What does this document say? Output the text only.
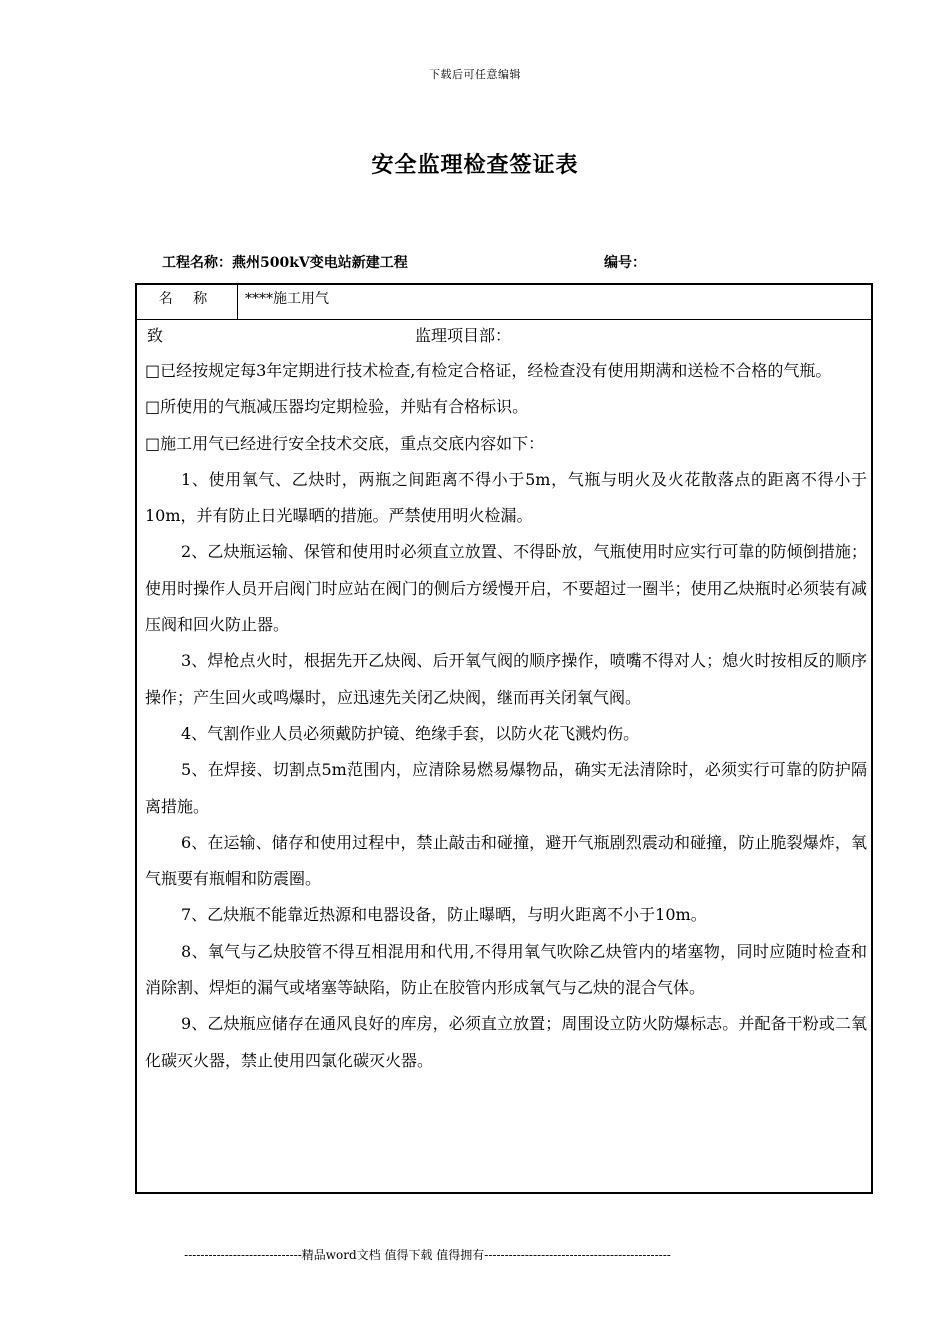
下载后可任意编辑
安全监理检查签证表
工程名称：燕州500kV变电站新建工程	编号：
名 称	****施工用气
致	监理项目部：

□已经按规定每3年定期进行技术检查,有检定合格证，经检查没有使用期满和送检不合格的气瓶。

□所使用的气瓶减压器均定期检验，并贴有合格标识。

□施工用气已经进行安全技术交底，重点交底内容如下：

1、使用氧气、乙炔时，两瓶之间距离不得小于5m，气瓶与明火及火花散落点的距离不得小于10m，并有防止日光曝晒的措施。严禁使用明火检漏。

2、乙炔瓶运输、保管和使用时必须直立放置、不得卧放，气瓶使用时应实行可靠的防倾倒措施；使用时操作人员开启阀门时应站在阀门的侧后方缓慢开启，不要超过一圈半；使用乙炔瓶时必须装有减压阀和回火防止器。

3、焊枪点火时，根据先开乙炔阀、后开氧气阀的顺序操作，喷嘴不得对人；熄火时按相反的顺序操作；产生回火或鸣爆时，应迅速先关闭乙炔阀，继而再关闭氧气阀。

4、气割作业人员必须戴防护镜、绝缘手套，以防火花飞溅灼伤。

5、在焊接、切割点5m范围内，应清除易燃易爆物品，确实无法清除时，必须实行可靠的防护隔离措施。

6、在运输、储存和使用过程中，禁止敲击和碰撞，避开气瓶剧烈震动和碰撞，防止脆裂爆炸，氧气瓶要有瓶帽和防震圈。

7、乙炔瓶不能靠近热源和电器设备，防止曝晒，与明火距离不小于10m。

8、氧气与乙炔胶管不得互相混用和代用,不得用氧气吹除乙炔管内的堵塞物，同时应随时检查和消除割、焊炬的漏气或堵塞等缺陷，防止在胶管内形成氧气与乙炔的混合气体。

9、乙炔瓶应储存在通风良好的库房，必须直立放置；周围设立防火防爆标志。并配备干粉或二氧化碳灭火器，禁止使用四氯化碳灭火器。

-----------------------------精品word文档 值得下载 值得拥有----------------------------------------------
